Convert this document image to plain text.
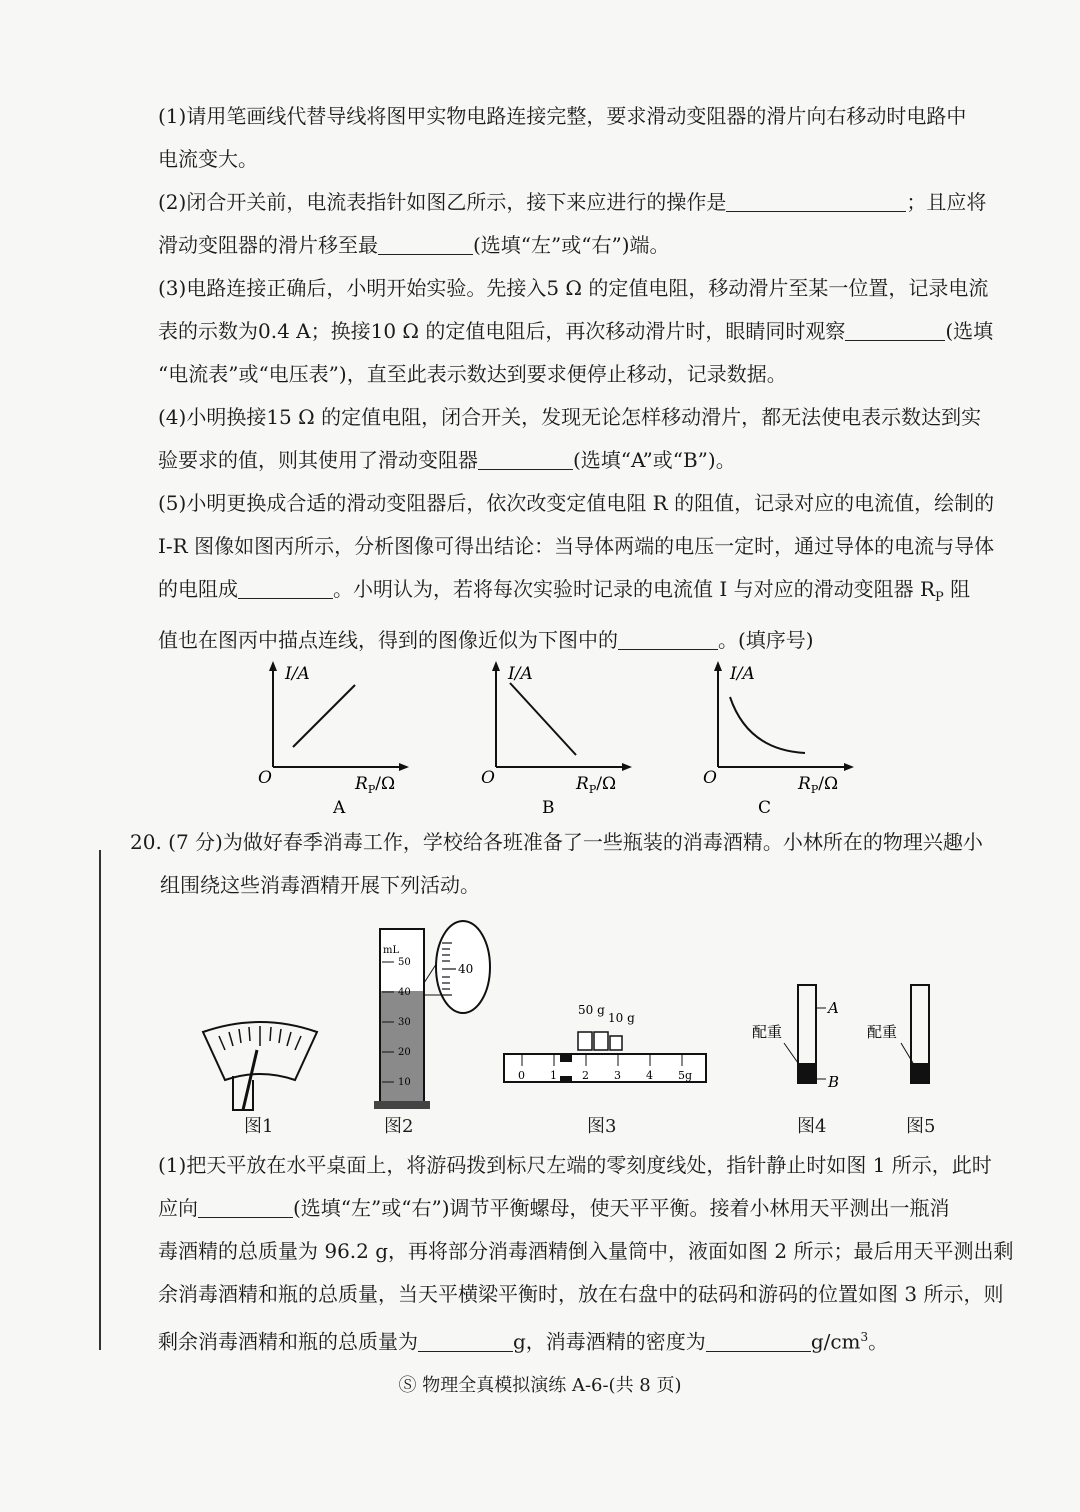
(1)请用笔画线代替导线将图甲实物电路连接完整，要求滑动变阻器的滑片向右移动时电路中
电流变大。
(2)闭合开关前，电流表指针如图乙所示，接下来应进行的操作是	；且应将
滑动变阻器的滑片移至最	(选填“左”或“右”)端。
(3)电路连接正确后，小明开始实验。先接入5 Ω 的定值电阻，移动滑片至某一位置，记录电流
表的示数为0.4 A；换接10 Ω 的定值电阻后，再次移动滑片时，眼睛同时观察	(选填
“电流表”或“电压表”)，直至此表示数达到要求便停止移动，记录数据。
(4)小明换接15 Ω 的定值电阻，闭合开关，发现无论怎样移动滑片，都无法使电表示数达到实
验要求的值，则其使用了滑动变阻器	(选填“A”或“B”)。
(5)小明更换成合适的滑动变阻器后，依次改变定值电阻 R 的阻值，记录对应的电流值，绘制的
I-R 图像如图丙所示，分析图像可得出结论：当导体两端的电压一定时，通过导体的电流与导体
的电阻成	。小明认为，若将每次实验时记录的电流值 I 与对应的滑动变阻器 $R_P$ 阻
值也在图丙中描点连线，得到的图像近似为下图中的	。(填序号)
I/A
O	$R_P/\Omega$
A
I/A
O	$R_P/\Omega$
B
I/A
O	$R_P/\Omega$
C
20. (7 分)为做好春季消毒工作，学校给各班准备了一些瓶装的消毒酒精。小林所在的物理兴趣小
组围绕这些消毒酒精开展下列活动。
mL
50
40
30
20
10
40
50 g
10 g
0 1 2 3 4 5g
配重
A
B
配重
图1	图2	图3	图4	图5
(1)把天平放在水平桌面上，将游码拨到标尺左端的零刻度线处，指针静止时如图 1 所示，此时
应向	(选填“左”或“右”)调节平衡螺母，使天平平衡。接着小林用天平测出一瓶消
毒酒精的总质量为 96.2 g，再将部分消毒酒精倒入量筒中，液面如图 2 所示；最后用天平测出剩
余消毒酒精和瓶的总质量，当天平横梁平衡时，放在右盘中的砝码和游码的位置如图 3 所示，则
剩余消毒酒精和瓶的总质量为	g，消毒酒精的密度为	$g/cm^3$。
Ⓢ 物理全真模拟演练 A-6-(共 8 页)
